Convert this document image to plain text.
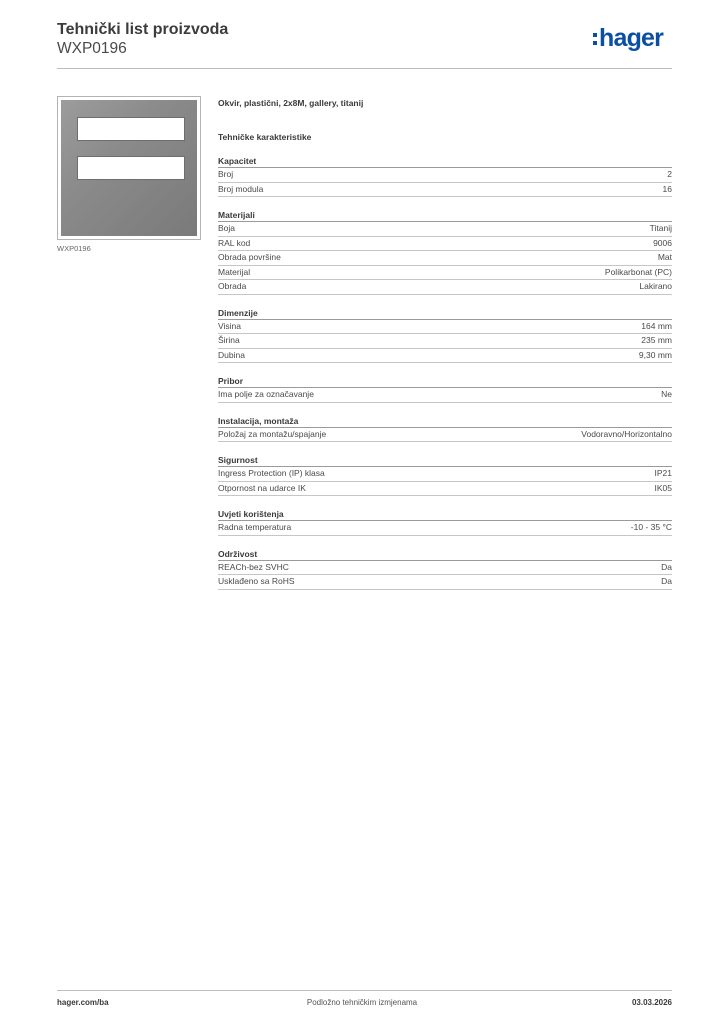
Tehnički list proizvoda
WXP0196	hager
WXP0196
Okvir, plastični, 2x8M, gallery, titanij
Tehničke karakteristike
Kapacitet
Broj	2
Broj modula	16
Materijali
Boja	Titanij
RAL kod	9006
Obrada površine	Mat
Materijal	Polikarbonat (PC)
Obrada	Lakirano
Dimenzije
Visina	164 mm
Širina	235 mm
Dubina	9,30 mm
Pribor
Ima polje za označavanje	Ne
Instalacija, montaža
Položaj za montažu/spajanje	Vodoravno/Horizontalno
Sigurnost
Ingress Protection (IP) klasa	IP21
Otpornost na udarce IK	IK05
Uvjeti korištenja
Radna temperatura	-10 - 35 °C
Održivost
REACh-bez SVHC	Da
Usklađeno sa RoHS	Da
hager.com/ba	Podložno tehničkim izmjenama	03.03.2026
